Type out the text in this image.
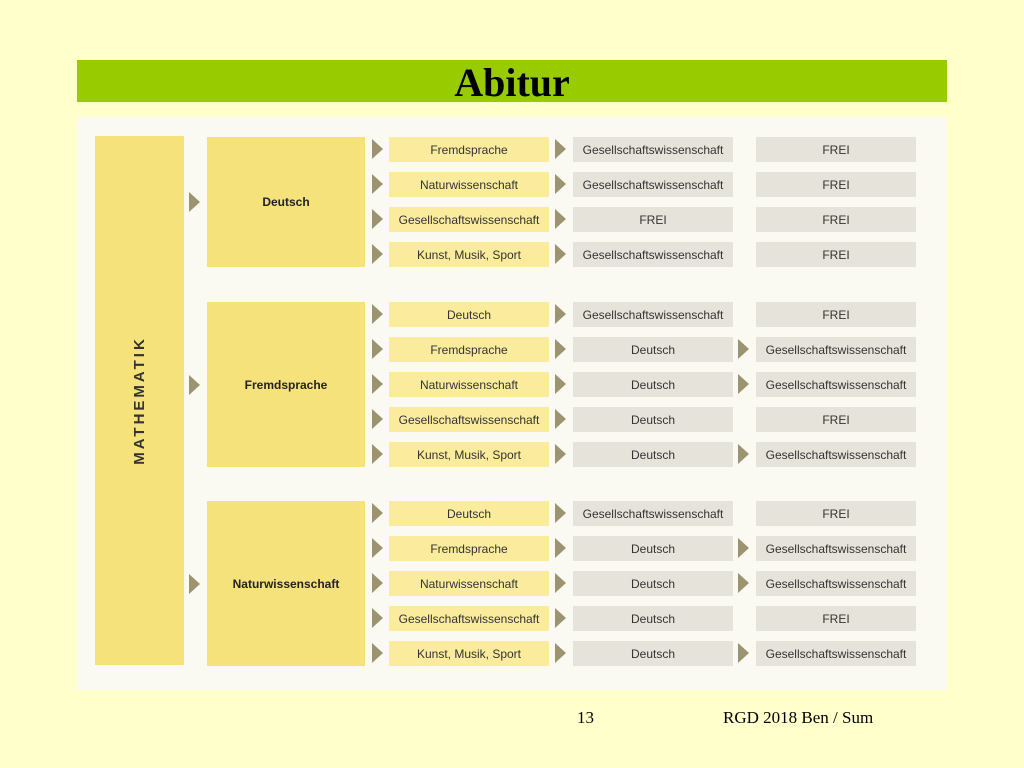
Abitur
MATHEMATIK
Deutsch
Fremdsprache	Gesellschaftswissenschaft	FREI
Naturwissenschaft	Gesellschaftswissenschaft	FREI
Gesellschaftswissenschaft	FREI	FREI
Kunst, Musik, Sport	Gesellschaftswissenschaft	FREI
Fremdsprache
Deutsch	Gesellschaftswissenschaft	FREI
Fremdsprache	Deutsch	Gesellschaftswissenschaft
Naturwissenschaft	Deutsch	Gesellschaftswissenschaft
Gesellschaftswissenschaft	Deutsch	FREI
Kunst, Musik, Sport	Deutsch	Gesellschaftswissenschaft
Naturwissenschaft
Deutsch	Gesellschaftswissenschaft	FREI
Fremdsprache	Deutsch	Gesellschaftswissenschaft
Naturwissenschaft	Deutsch	Gesellschaftswissenschaft
Gesellschaftswissenschaft	Deutsch	FREI
Kunst, Musik, Sport	Deutsch	Gesellschaftswissenschaft
13	RGD 2018 Ben / Sum
